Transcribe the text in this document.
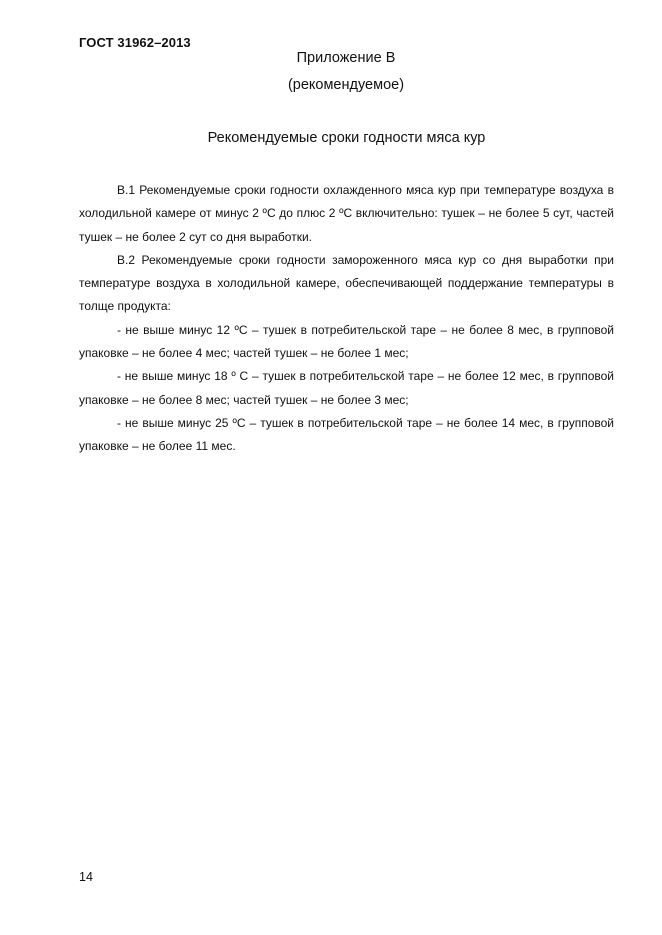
ГОСТ 31962–2013
Приложение В
(рекомендуемое)
Рекомендуемые сроки годности мяса кур

В.1 Рекомендуемые сроки годности охлажденного мяса кур при температуре воздуха в холодильной камере от минус 2 ºС до плюс 2 ºС включительно: тушек – не более 5 сут, частей тушек – не более 2 сут со дня выработки.

В.2 Рекомендуемые сроки годности замороженного мяса кур со дня выработки при температуре воздуха в холодильной камере, обеспечивающей поддержание температуры в толще продукта:

- не выше минус 12 ºС – тушек в потребительской таре – не более 8 мес, в групповой упаковке – не более 4 мес; частей тушек – не более 1 мес;

- не выше минус 18 º С – тушек в потребительской таре – не более 12 мес, в групповой упаковке – не более 8 мес; частей тушек – не более 3 мес;

- не выше минус 25 ºС – тушек в потребительской таре – не более 14 мес, в групповой упаковке – не более 11 мес.

14
